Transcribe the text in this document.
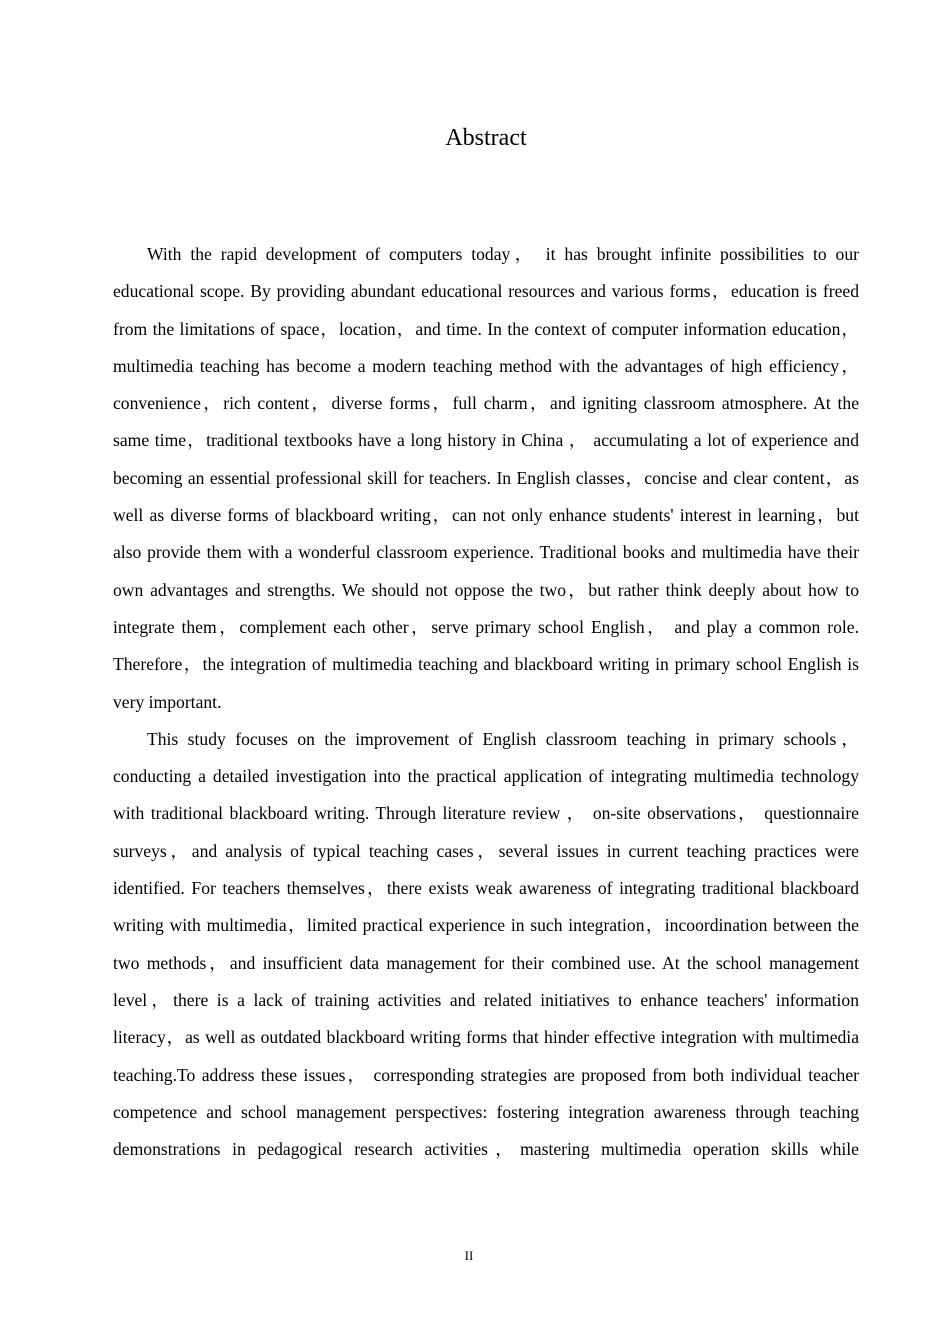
Abstract

With the rapid development of computers today， it has brought infinite possibilities to our educational scope. By providing abundant educational resources and various forms，education is freed from the limitations of space，location，and time. In the context of computer information education，multimedia teaching has become a modern teaching method with the advantages of high efficiency，convenience，rich content，diverse forms，full charm，and igniting classroom atmosphere. At the same time，traditional textbooks have a long history in China ， accumulating a lot of experience and becoming an essential professional skill for teachers. In English classes，concise and clear content，as well as diverse forms of blackboard writing，can not only enhance students' interest in learning，but also provide them with a wonderful classroom experience. Traditional books and multimedia have their own advantages and strengths. We should not oppose the two，but rather think deeply about how to integrate them，complement each other，serve primary school English， and play a common role. Therefore，the integration of multimedia teaching and blackboard writing in primary school English is very important.

This study focuses on the improvement of English classroom teaching in primary schools，conducting a detailed investigation into the practical application of integrating multimedia technology with traditional blackboard writing. Through literature review ， on-site observations， questionnaire surveys，and analysis of typical teaching cases，several issues in current teaching practices were identified. For teachers themselves，there exists weak awareness of integrating traditional blackboard writing with multimedia，limited practical experience in such integration，incoordination between the two methods，and insufficient data management for their combined use. At the school management level，there is a lack of training activities and related initiatives to enhance teachers' information literacy，as well as outdated blackboard writing forms that hinder effective integration with multimedia teaching.To address these issues， corresponding strategies are proposed from both individual teacher competence and school management perspectives: fostering integration awareness through teaching demonstrations in pedagogical research activities，mastering multimedia operation skills while

II
